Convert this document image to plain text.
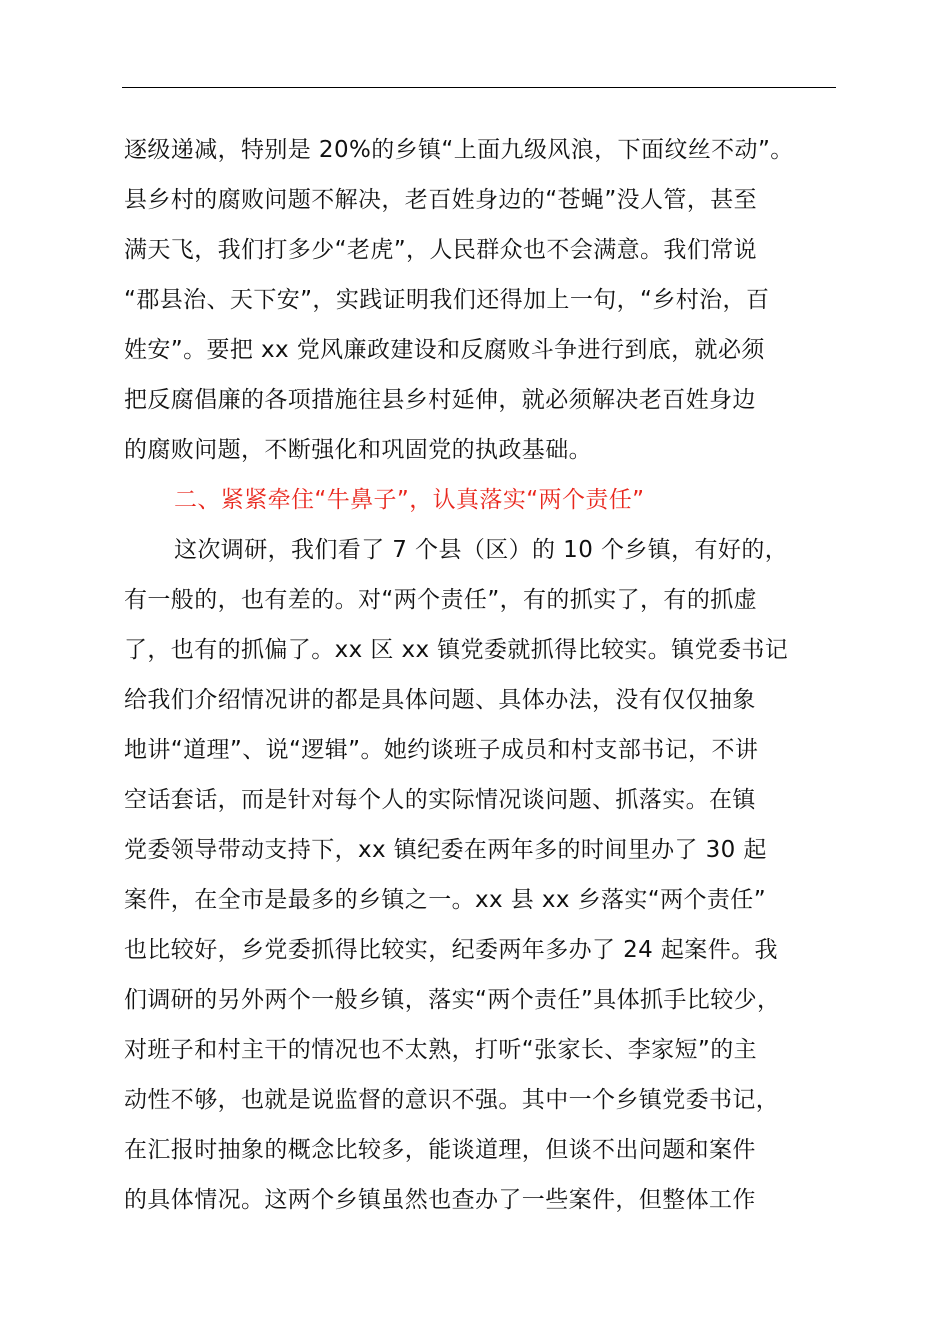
逐级递减，特别是 20%的乡镇“上面九级风浪，下面纹丝不动”。
县乡村的腐败问题不解决，老百姓身边的“苍蝇”没人管，甚至
满天飞，我们打多少“老虎”，人民群众也不会满意。我们常说
“郡县治、天下安”，实践证明我们还得加上一句，“乡村治，百
姓安”。要把 xx 党风廉政建设和反腐败斗争进行到底，就必须
把反腐倡廉的各项措施往县乡村延伸，就必须解决老百姓身边
的腐败问题，不断强化和巩固党的执政基础。
二、紧紧牵住“牛鼻子”，认真落实“两个责任”
这次调研，我们看了 7 个县（区）的 10 个乡镇，有好的，
有一般的，也有差的。对“两个责任”，有的抓实了，有的抓虚
了，也有的抓偏了。xx 区 xx 镇党委就抓得比较实。镇党委书记
给我们介绍情况讲的都是具体问题、具体办法，没有仅仅抽象
地讲“道理”、说“逻辑”。她约谈班子成员和村支部书记，不讲
空话套话，而是针对每个人的实际情况谈问题、抓落实。在镇
党委领导带动支持下，xx 镇纪委在两年多的时间里办了 30 起
案件，在全市是最多的乡镇之一。xx 县 xx 乡落实“两个责任”
也比较好，乡党委抓得比较实，纪委两年多办了 24 起案件。我
们调研的另外两个一般乡镇，落实“两个责任”具体抓手比较少，
对班子和村主干的情况也不太熟，打听“张家长、李家短”的主
动性不够，也就是说监督的意识不强。其中一个乡镇党委书记，
在汇报时抽象的概念比较多，能谈道理，但谈不出问题和案件
的具体情况。这两个乡镇虽然也查办了一些案件，但整体工作
